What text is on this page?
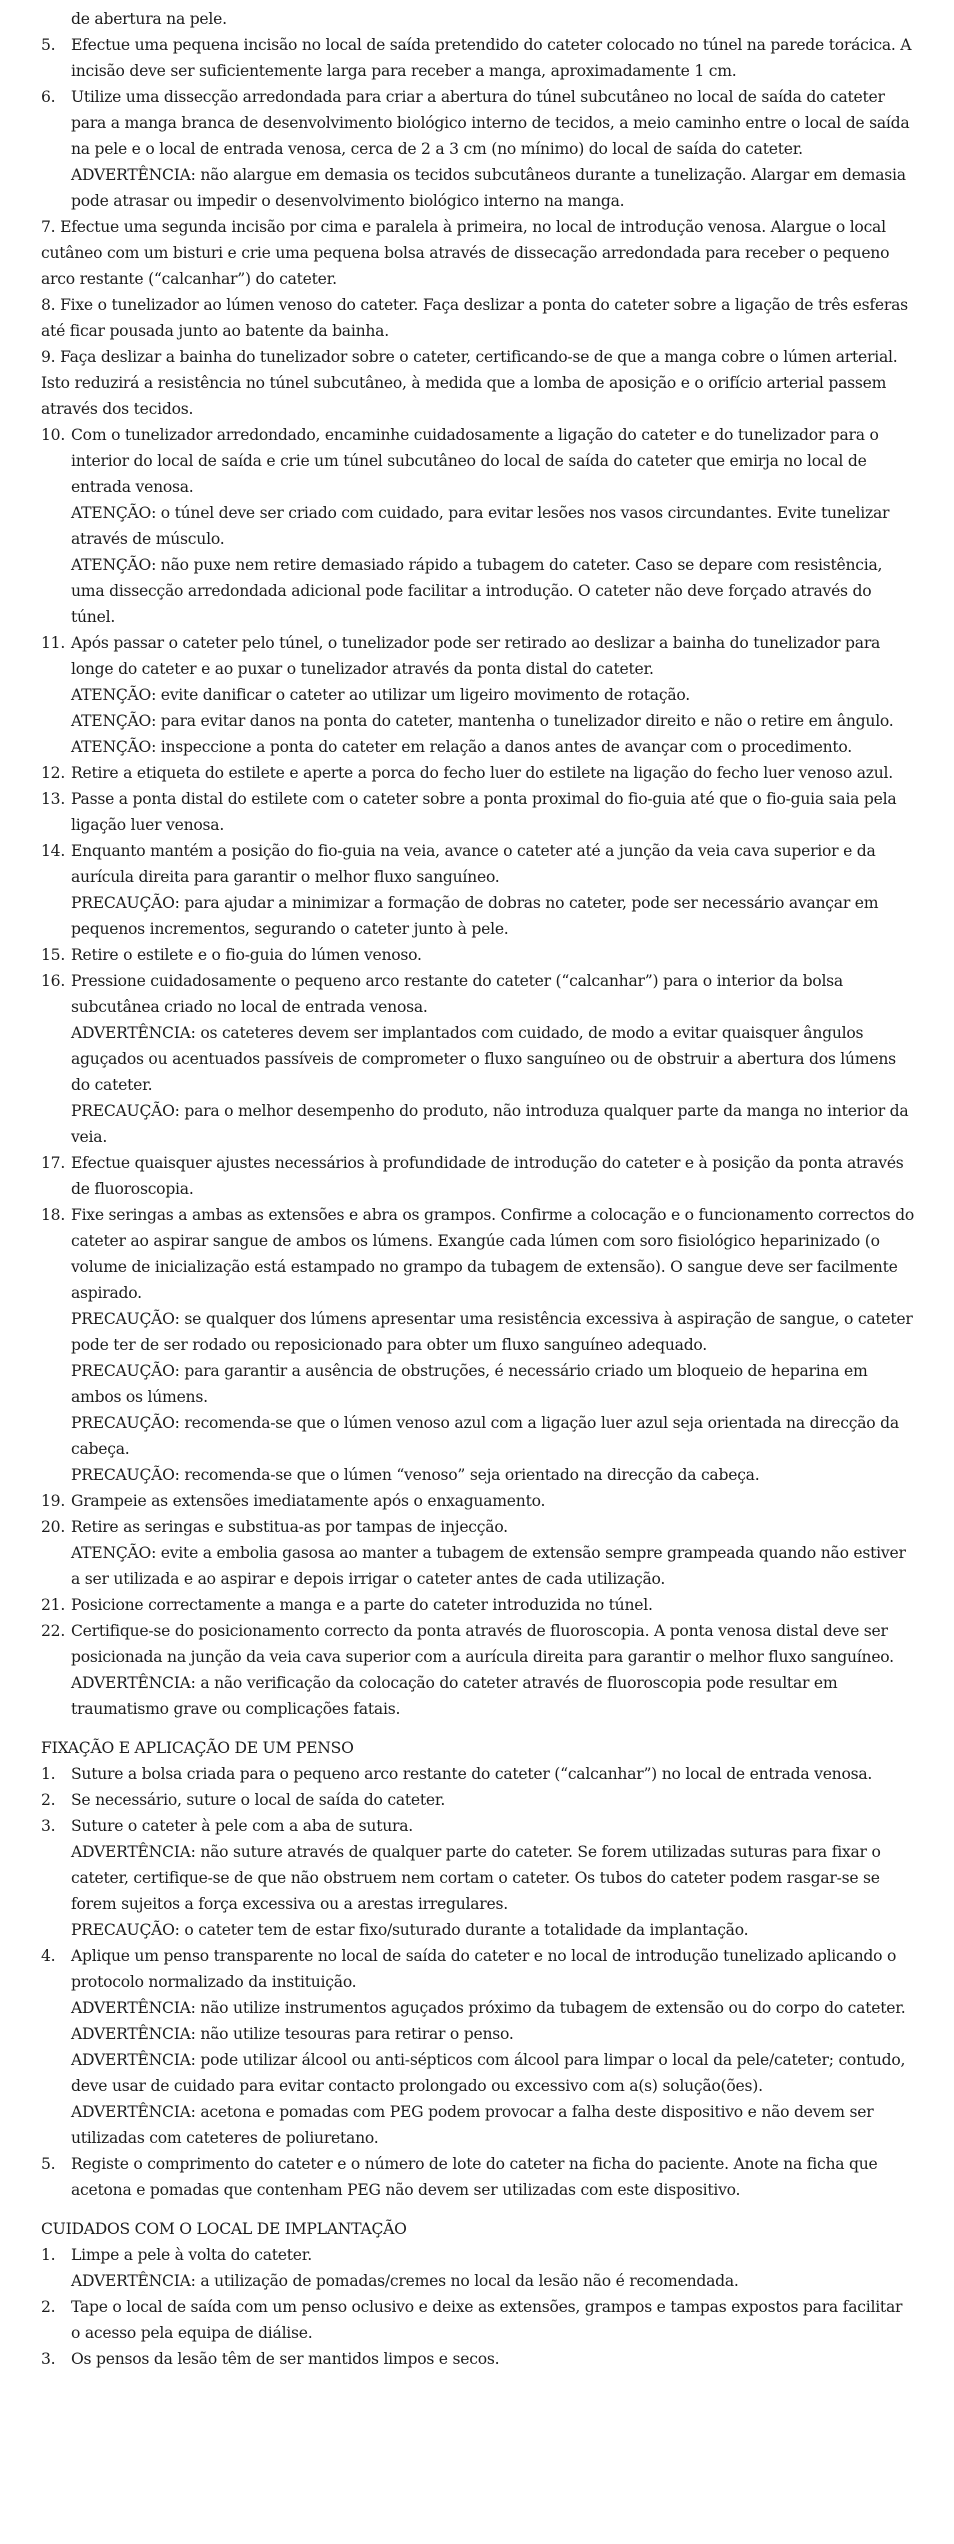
de abertura na pele.

5.	Efectue uma pequena incisão no local de saída pretendido do cateter colocado no túnel na parede torácica. A incisão deve ser suficientemente larga para receber a manga, aproximadamente 1 cm.

6.	Utilize uma dissecção arredondada para criar a abertura do túnel subcutâneo no local de saída do cateter para a manga branca de desenvolvimento biológico interno de tecidos, a meio caminho entre o local de saída na pele e o local de entrada venosa, cerca de 2 a 3 cm (no mínimo) do local de saída do cateter.

ADVERTÊNCIA: não alargue em demasia os tecidos subcutâneos durante a tunelização. Alargar em demasia pode atrasar ou impedir o desenvolvimento biológico interno na manga.

7. Efectue uma segunda incisão por cima e paralela à primeira, no local de introdução venosa. Alargue o local cutâneo com um bisturi e crie uma pequena bolsa através de dissecação arredondada para receber o pequeno arco restante (“calcanhar”) do cateter.

8. Fixe o tunelizador ao lúmen venoso do cateter. Faça deslizar a ponta do cateter sobre a ligação de três esferas até ficar pousada junto ao batente da bainha.

9. Faça deslizar a bainha do tunelizador sobre o cateter, certificando-se de que a manga cobre o lúmen arterial. Isto reduzirá a resistência no túnel subcutâneo, à medida que a lomba de aposição e o orifício arterial passem através dos tecidos.

10. Com o tunelizador arredondado, encaminhe cuidadosamente a ligação do cateter e do tunelizador para o interior do local de saída e crie um túnel subcutâneo do local de saída do cateter que emirja no local de entrada venosa.

ATENÇÃO: o túnel deve ser criado com cuidado, para evitar lesões nos vasos circundantes. Evite tunelizar através de músculo.

ATENÇÃO: não puxe nem retire demasiado rápido a tubagem do cateter. Caso se depare com resistência, uma dissecção arredondada adicional pode facilitar a introdução. O cateter não deve forçado através do túnel.

11. Após passar o cateter pelo túnel, o tunelizador pode ser retirado ao deslizar a bainha do tunelizador para longe do cateter e ao puxar o tunelizador através da ponta distal do cateter.

ATENÇÃO: evite danificar o cateter ao utilizar um ligeiro movimento de rotação.

ATENÇÃO: para evitar danos na ponta do cateter, mantenha o tunelizador direito e não o retire em ângulo.

ATENÇÃO: inspeccione a ponta do cateter em relação a danos antes de avançar com o procedimento.

12. Retire a etiqueta do estilete e aperte a porca do fecho luer do estilete na ligação do fecho luer venoso azul.

13. Passe a ponta distal do estilete com o cateter sobre a ponta proximal do fio-guia até que o fio-guia saia pela ligação luer venosa.

14. Enquanto mantém a posição do fio-guia na veia, avance o cateter até a junção da veia cava superior e da aurícula direita para garantir o melhor fluxo sanguíneo.

PRECAUÇÃO: para ajudar a minimizar a formação de dobras no cateter, pode ser necessário avançar em pequenos incrementos, segurando o cateter junto à pele.

15. Retire o estilete e o fio-guia do lúmen venoso.

16. Pressione cuidadosamente o pequeno arco restante do cateter (“calcanhar”) para o interior da bolsa subcutânea criado no local de entrada venosa.

ADVERTÊNCIA: os cateteres devem ser implantados com cuidado, de modo a evitar quaisquer ângulos aguçados ou acentuados passíveis de comprometer o fluxo sanguíneo ou de obstruir a abertura dos lúmens do cateter.

PRECAUÇÃO: para o melhor desempenho do produto, não introduza qualquer parte da manga no interior da veia.

17. Efectue quaisquer ajustes necessários à profundidade de introdução do cateter e à posição da ponta através de fluoroscopia.

18. Fixe seringas a ambas as extensões e abra os grampos. Confirme a colocação e o funcionamento correctos do cateter ao aspirar sangue de ambos os lúmens. Exangúe cada lúmen com soro fisiológico heparinizado (o volume de inicialização está estampado no grampo da tubagem de extensão). O sangue deve ser facilmente aspirado.

PRECAUÇÃO: se qualquer dos lúmens apresentar uma resistência excessiva à aspiração de sangue, o cateter pode ter de ser rodado ou reposicionado para obter um fluxo sanguíneo adequado.

PRECAUÇÃO: para garantir a ausência de obstruções, é necessário criado um bloqueio de heparina em ambos os lúmens.

PRECAUÇÃO: recomenda-se que o lúmen venoso azul com a ligação luer azul seja orientada na direcção da cabeça.

PRECAUÇÃO: recomenda-se que o lúmen “venoso” seja orientado na direcção da cabeça.

19. Grampeie as extensões imediatamente após o enxaguamento.

20. Retire as seringas e substitua-as por tampas de injecção.

ATENÇÃO: evite a embolia gasosa ao manter a tubagem de extensão sempre grampeada quando não estiver a ser utilizada e ao aspirar e depois irrigar o cateter antes de cada utilização.

21. Posicione correctamente a manga e a parte do cateter introduzida no túnel.

22. Certifique-se do posicionamento correcto da ponta através de fluoroscopia. A ponta venosa distal deve ser posicionada na junção da veia cava superior com a aurícula direita para garantir o melhor fluxo sanguíneo.

ADVERTÊNCIA: a não verificação da colocação do cateter através de fluoroscopia pode resultar em traumatismo grave ou complicações fatais.

FIXAÇÃO E APLICAÇÃO DE UM PENSO

1.	Suture a bolsa criada para o pequeno arco restante do cateter (“calcanhar”) no local de entrada venosa.

2.	Se necessário, suture o local de saída do cateter.

3.	Suture o cateter à pele com a aba de sutura.

ADVERTÊNCIA: não suture através de qualquer parte do cateter. Se forem utilizadas suturas para fixar o cateter, certifique-se de que não obstruem nem cortam o cateter. Os tubos do cateter podem rasgar-se se forem sujeitos a força excessiva ou a arestas irregulares.

PRECAUÇÃO: o cateter tem de estar fixo/suturado durante a totalidade da implantação.

4.	Aplique um penso transparente no local de saída do cateter e no local de introdução tunelizado aplicando o protocolo normalizado da instituição.

ADVERTÊNCIA: não utilize instrumentos aguçados próximo da tubagem de extensão ou do corpo do cateter.

ADVERTÊNCIA: não utilize tesouras para retirar o penso.

ADVERTÊNCIA: pode utilizar álcool ou anti-sépticos com álcool para limpar o local da pele/cateter; contudo, deve usar de cuidado para evitar contacto prolongado ou excessivo com a(s) solução(ões).

ADVERTÊNCIA: acetona e pomadas com PEG podem provocar a falha deste dispositivo e não devem ser utilizadas com cateteres de poliuretano.

5.	Registe o comprimento do cateter e o número de lote do cateter na ficha do paciente. Anote na ficha que acetona e pomadas que contenham PEG não devem ser utilizadas com este dispositivo.

CUIDADOS COM O LOCAL DE IMPLANTAÇÃO

1.	Limpe a pele à volta do cateter.

ADVERTÊNCIA: a utilização de pomadas/cremes no local da lesão não é recomendada.

2.	Tape o local de saída com um penso oclusivo e deixe as extensões, grampos e tampas expostos para facilitar o acesso pela equipa de diálise.

3.	Os pensos da lesão têm de ser mantidos limpos e secos.
